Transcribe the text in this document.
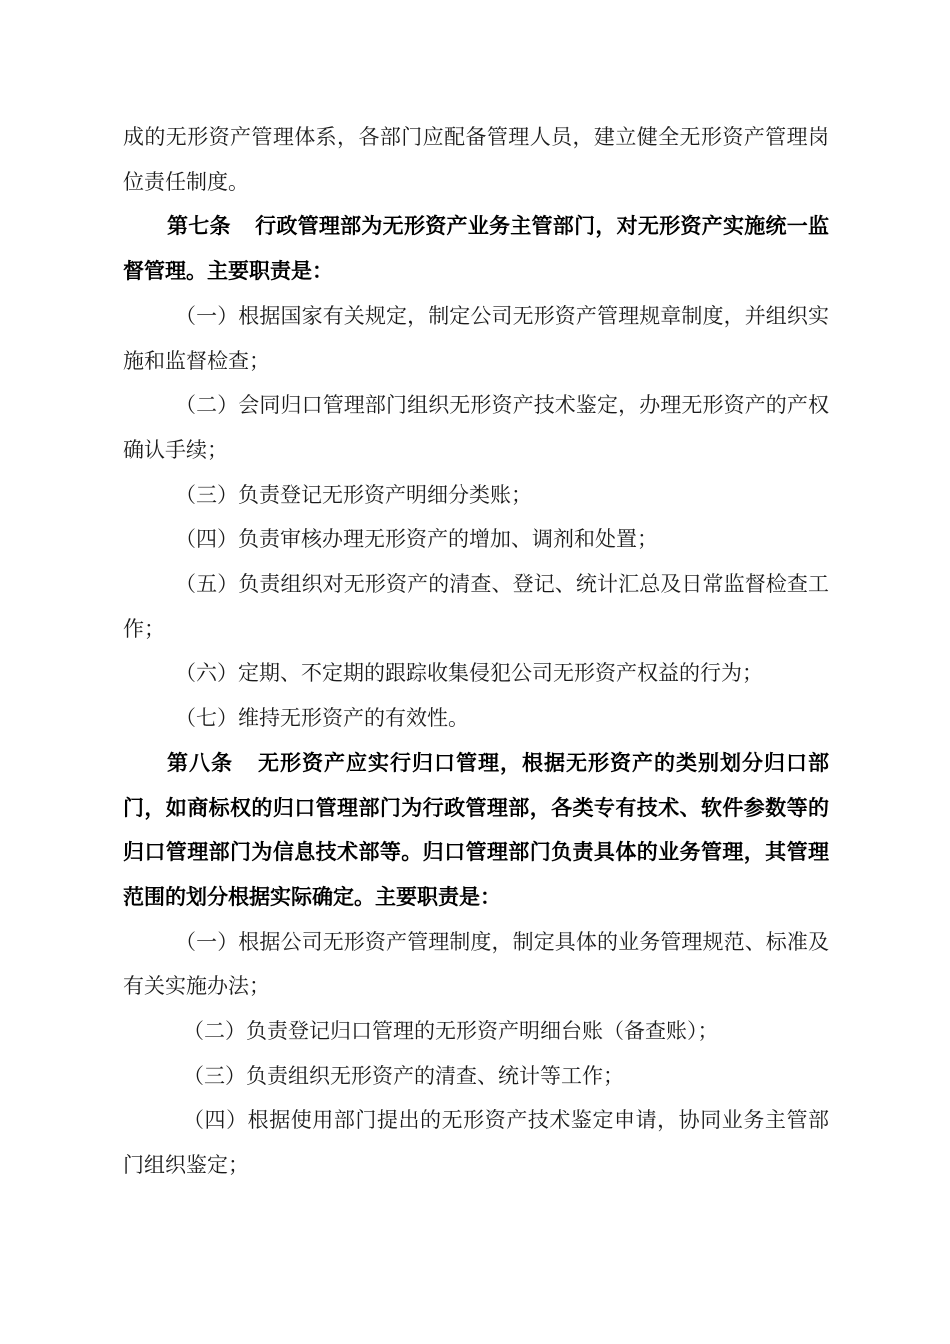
成的无形资产管理体系，各部门应配备管理人员，建立健全无形资产管理岗位责任制度。

第七条 行政管理部为无形资产业务主管部门，对无形资产实施统一监督管理。主要职责是：

（一）根据国家有关规定，制定公司无形资产管理规章制度，并组织实施和监督检查；

（二）会同归口管理部门组织无形资产技术鉴定，办理无形资产的产权确认手续；

（三）负责登记无形资产明细分类账；

（四）负责审核办理无形资产的增加、调剂和处置；

（五）负责组织对无形资产的清查、登记、统计汇总及日常监督检查工作；

（六）定期、不定期的跟踪收集侵犯公司无形资产权益的行为；

（七）维持无形资产的有效性。

第八条 无形资产应实行归口管理，根据无形资产的类别划分归口部门，如商标权的归口管理部门为行政管理部，各类专有技术、软件参数等的归口管理部门为信息技术部等。归口管理部门负责具体的业务管理，其管理范围的划分根据实际确定。主要职责是：

（一）根据公司无形资产管理制度，制定具体的业务管理规范、标准及有关实施办法；

（二）负责登记归口管理的无形资产明细台账（备查账）；

（三）负责组织无形资产的清查、统计等工作；

（四）根据使用部门提出的无形资产技术鉴定申请，协同业务主管部门组织鉴定；
